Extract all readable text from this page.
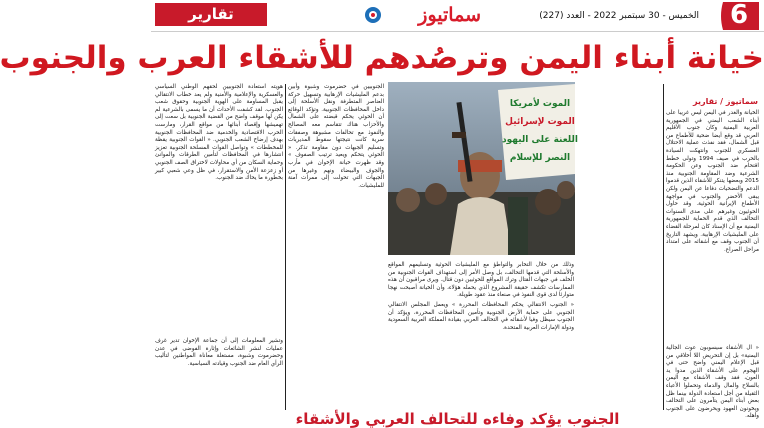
تقارير	سماتيوز	الخميس - 30 سبتمبر 2022 - العدد (227)	6
خيانة أبناء اليمن وترصُدهم للأشقاء العرب والجنوب
سماتيوز / تقارير

الخيانة والغدر في اليمن ليس غريبا على أبناء الشعب اليمني في الجمهورية العربية اليمنية وكان جنوب الأقليم العربي قد وقع أيضا ضحية للأطماع من قبل الشمال، فقد نفذت عملية الاحتلال العسكري للجنوب وانتهكت السيادة بالحرب في صيف 1994 وتولى خطط اقتحام ضد الجنوب وعن الحكومة الشرعية وضد المقاومة الجنوبية منذ 2015 وبعضها يتنكر للأشقاء الذين قدموا الدعم والتضحيات دفاعا عن اليمن ولكن يبقى الأخضر والجنوب في مواجهة الأطماع الإيرانية الحوثية. وقد حاول الحوثيون وغيرهم على مدى السنوات التحالف الذي قدم الحماية للجمهورية اليمنية مع أن الإسناد كان لمرحلة القضاء على المليشيات الإرهابية. ويشهد التاريخ أن الجنوب وقف مع أشقائه على امتداد مراحل الصراع.

« ال الأشقاء سيسوبون عوت الجالية اليمنية» بل إن التحريض اللا أخلاقي من قبل الإعلام اليمني واضح حتى في الهجوم على الأشقاء الذين مدوا يد العون، فقد وقف الأشقاء مع اليمن بالسلاح والمال والدماء وتحملوا الأعباء الثقيلة من أجل استعادة الدولة بينما ظل بعض أبناء اليمن يتآمرون على التحالف ويخونون العهود ويحرضون على الجنوب وأهله.

الموت لأمريكا
الموت لإسرائيل
اللعنة على اليهود
النصر للإسلام

وذلك من خلال التخابر والتواطؤ مع المليشيات الحوثية وتسليمهم المواقع والأسلحة التي قدمها التحالف، بل وصل الأمر إلى استهداف القوات الجنوبية من الخلف في جبهات القتال وترك المواقع للحوثيين دون قتال. ويرى مراقبون أن هذه الممارسات تكشف حقيقة المشروع الذي يحمله هؤلاء، وأن الخيانة أصبحت نهجا متوارثا لدى قوى النفوذ في صنعاء منذ عقود طويلة.

« الجنوب الانتقالي يحكم المحافظات المحررة » ويعمل المجلس الانتقالي الجنوبي على حماية الأرض الجنوبية وتأمين المحافظات المحررة، ويؤكد أن الجنوب سيظل وفيا لأشقائه في التحالف العربي بقيادة المملكة العربية السعودية ودولة الإمارات العربية المتحدة.

الجنوبيين في حضرموت وشبوة وأبين بدعم المليشيات الإرهابية وتسهيل حركة العناصر المتطرفة ونقل الأسلحة إلى داخل المحافظات الجنوبية. وتؤكد الوقائع أن الحوثي يحكم قبضته على الشمال والأحزاب هناك تتقاسم معه المصالح والنفوذ مع تحالفات مشبوهة وصفقات سرية كانت نتيجتها سقوط المديريات وتسليم الجبهات دون مقاومة تذكر. « الحوثي يتحكم ويعيد ترتيب الصفوف » وقد ظهرت خيانة الإخوان في مأرب والجوف والبيضاء ونهم وغيرها من الجبهات التي تحولت إلى ممرات آمنة للمليشيات.

هويته استعادة الجنوبيين لحقهم الوطني السياسي والعسكرية والإعلامية والأمنية ولم يعد خطاب الانتقالي يقبل المساومة على الهوية الجنوبية وحقوق شعب الجنوب. لقد كشفت الأحداث أن ما يسمى بالشرعية لم يكن لها موقف واضح من القضية الجنوبية بل سعت إلى تهميشها وإقصاء أبنائها من مواقع القرار، ومارست الحرب الاقتصادية والخدمية ضد المحافظات الجنوبية بهدف إرضاخ الشعب الجنوبي. « القوات الجنوبية يقظة للمخططات » وتواصل القوات المسلحة الجنوبية تعزيز انتشارها في المحافظات لتأمين الطرقات والموانئ وحماية السكان من أي محاولات لاختراق الصف الجنوبي أو زعزعة الأمن والاستقرار، في ظل وعي شعبي كبير بخطورة ما يحاك ضد الجنوب.

وتشير المعلومات إلى أن جماعة الإخوان تدير غرف عمليات لنشر الشائعات وإثارة الفوضى في عدن وحضرموت وشبوة، مستغلة معاناة المواطنين لتأليب الرأي العام ضد الجنوب وقيادته السياسية.

الجنوب يؤكد وفاءه للتحالف العربي والأشقاء
